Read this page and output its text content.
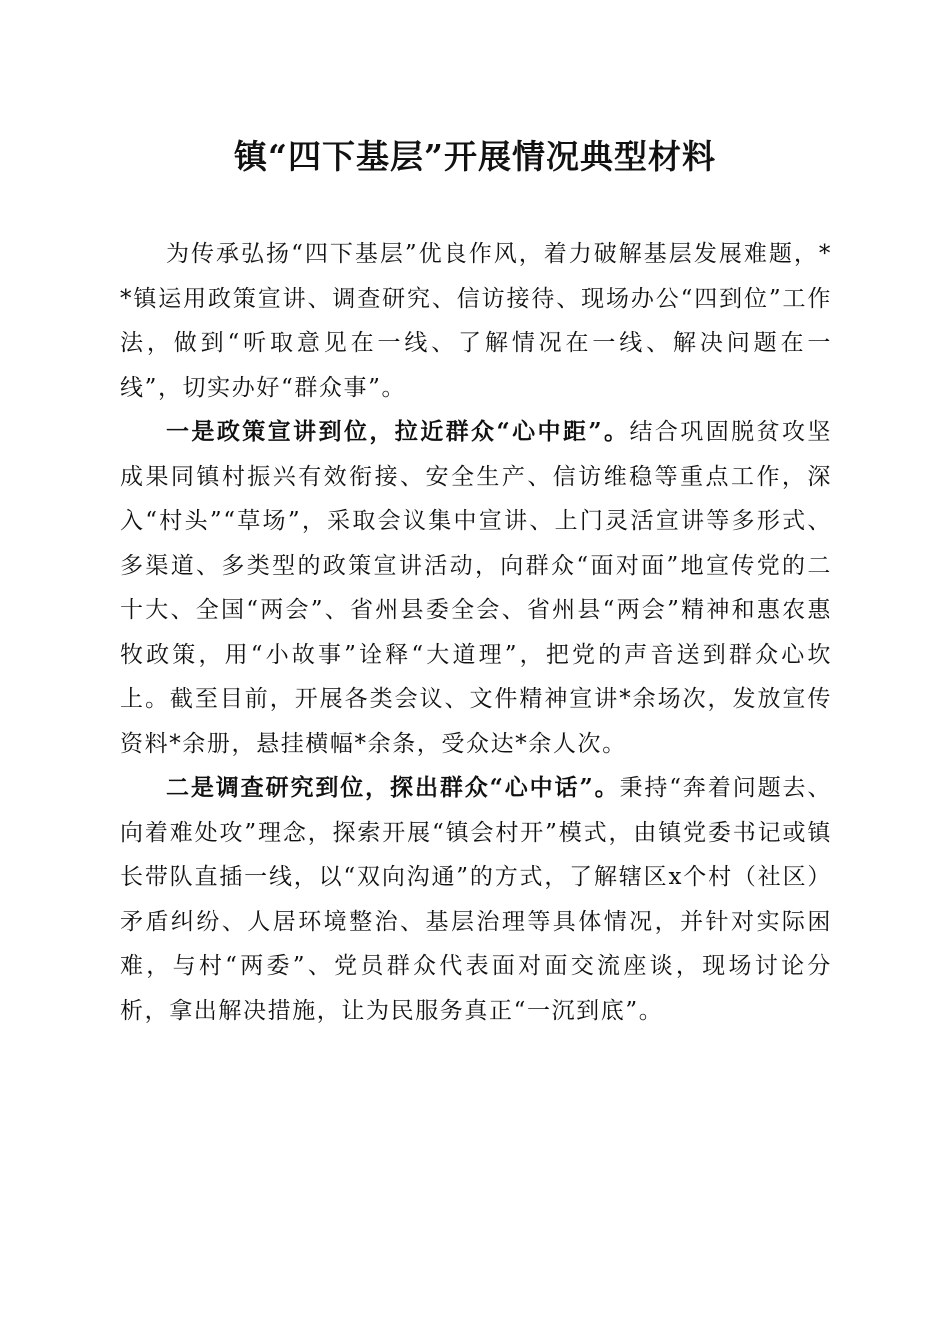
镇“四下基层”开展情况典型材料

为传承弘扬“四下基层”优良作风，着力破解基层发展难题，**镇运用政策宣讲、调查研究、信访接待、现场办公“四到位”工作法，做到“听取意见在一线、了解情况在一线、解决问题在一线”，切实办好“群众事”。

一是政策宣讲到位，拉近群众“心中距”。结合巩固脱贫攻坚成果同镇村振兴有效衔接、安全生产、信访维稳等重点工作，深入“村头”“草场”，采取会议集中宣讲、上门灵活宣讲等多形式、多渠道、多类型的政策宣讲活动，向群众“面对面”地宣传党的二十大、全国“两会”、省州县委全会、省州县“两会”精神和惠农惠牧政策，用“小故事”诠释“大道理”，把党的声音送到群众心坎上。截至目前，开展各类会议、文件精神宣讲*余场次，发放宣传资料*余册，悬挂横幅*余条，受众达*余人次。

二是调查研究到位，探出群众“心中话”。秉持“奔着问题去、向着难处攻”理念，探索开展“镇会村开”模式，由镇党委书记或镇长带队直插一线，以“双向沟通”的方式，了解辖区x个村（社区）矛盾纠纷、人居环境整治、基层治理等具体情况，并针对实际困难，与村“两委”、党员群众代表面对面交流座谈，现场讨论分析，拿出解决措施，让为民服务真正“一沉到底”。
